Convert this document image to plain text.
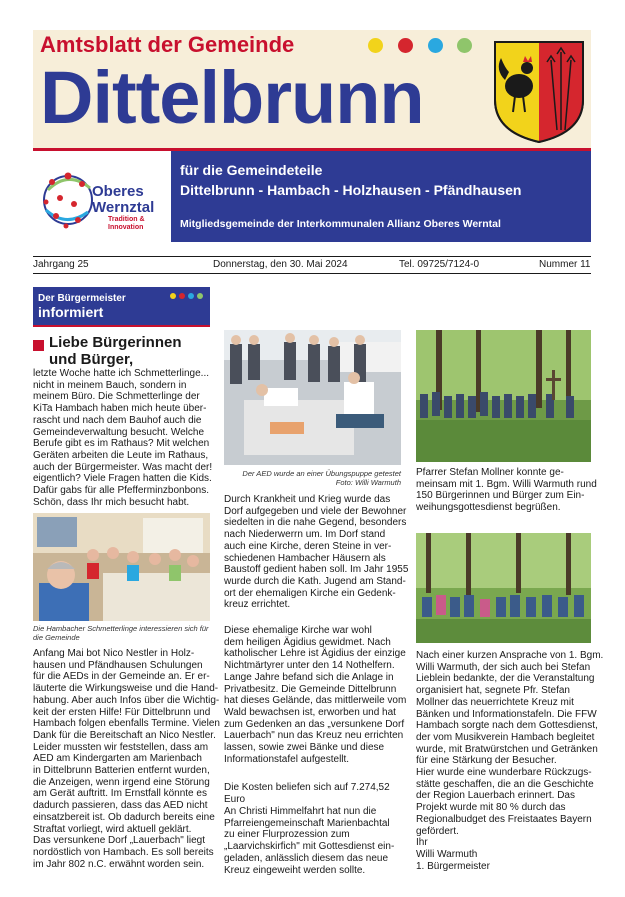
Amtsblatt der Gemeinde
Dittelbrunn
Oberes
Wernztal
Tradition &
Innovation
für die Gemeindeteile
Dittelbrunn - Hambach - Holzhausen - Pfändhausen
Mitgliedsgemeinde der Interkommunalen Allianz Oberes Werntal
Jahrgang 25	Donnerstag, den 30. Mai 2024	Tel. 09725/7124-0	Nummer 11
Der Bürgermeister
informiert
Liebe Bürgerinnen
und Bürger,
letzte Woche hatte ich Schmetterlinge...
nicht in meinem Bauch, sondern in
meinem Büro. Die Schmetterlinge der
KiTa Hambach haben mich heute über-
rascht und nach dem Bauhof auch die
Gemeindeverwaltung besucht. Welche
Berufe gibt es im Rathaus? Mit welchen
Geräten arbeiten die Leute im Rathaus,
auch der Bürgermeister. Was macht der!
eigentlich? Viele Fragen hatten die Kids.
Dafür gabs für alle Pfefferminzbonbons.
Schön, dass Ihr mich besucht habt.
Die Hambacher Schmetterlinge interessieren sich für
die Gemeinde
Anfang Mai bot Nico Nestler in Holz-
hausen und Pfändhausen Schulungen
für die AEDs in der Gemeinde an. Er er-
läuterte die Wirkungsweise und die Hand-
habung. Aber auch Infos über die Wichtig-
keit der ersten Hilfe! Für Dittelbrunn und
Hambach folgen ebenfalls Termine. Vielen
Dank für die Bereitschaft an Nico Nestler.
Leider mussten wir feststellen, dass am
AED am Kindergarten am Marienbach
in Dittelbrunn Batterien entfernt wurden,
die Anzeigen, wenn irgend eine Störung
am Gerät auftritt. Im Ernstfall könnte es
dadurch passieren, dass das AED nicht
einsatzbereit ist. Ob dadurch bereits eine
Straftat vorliegt, wird aktuell geklärt.
Das versunkene Dorf „Lauerbach" liegt
nordöstlich von Hambach. Es soll bereits
im Jahr 802 n.C. erwähnt worden sein.
Der AED wurde an einer Übungspuppe getestet
Foto: Willi Warmuth
Durch Krankheit und Krieg wurde das
Dorf aufgegeben und viele der Bewohner
siedelten in die nahe Gegend, besonders
nach Niederwerrn um. Im Dorf stand
auch eine Kirche, deren Steine in ver-
schiedenen Hambacher Häusern als
Baustoff gedient haben soll. Im Jahr 1955
wurde durch die Kath. Jugend am Stand-
ort der ehemaligen Kirche ein Gedenk-
kreuz errichtet.
Diese ehemalige Kirche war wohl
dem heiligen Ägidius gewidmet. Nach
katholischer Lehre ist Ägidius der einzige
Nichtmärtyrer unter den 14 Nothelfern.
Lange Jahre befand sich die Anlage in
Privatbesitz. Die Gemeinde Dittelbrunn
hat dieses Gelände, das mittlerweile vom
Wald bewachsen ist, erworben und hat
zum Gedenken an das „versunkene Dorf
Lauerbach" nun das Kreuz neu errichten
lassen, sowie zwei Bänke und diese
Informationstafel aufgestellt.
Die Kosten beliefen sich auf 7.274,52
Euro
An Christi Himmelfahrt hat nun die
Pfarreiengemeinschaft Marienbachtal
zu einer Flurprozession zum
„Laarvichskirfich" mit Gottesdienst ein-
geladen, anlässlich diesem das neue
Kreuz eingeweiht werden sollte.
Pfarrer Stefan Mollner konnte ge-
meinsam mit 1. Bgm. Willi Warmuth rund
150 Bürgerinnen und Bürger zum Ein-
weihungsgottesdienst begrüßen.
Nach einer kurzen Ansprache von 1. Bgm.
Willi Warmuth, der sich auch bei Stefan
Lieblein bedankte, der die Veranstaltung
organisiert hat, segnete Pfr. Stefan
Mollner das neuerrichtete Kreuz mit
Bänken und Informationstafeln. Die FFW
Hambach sorgte nach dem Gottesdienst,
der vom Musikverein Hambach begleitet
wurde, mit Bratwürstchen und Getränken
für eine Stärkung der Besucher.
Hier wurde eine wunderbare Rückzugs-
stätte geschaffen, die an die Geschichte
der Region Lauerbach erinnert. Das
Projekt wurde mit 80 % durch das
Regionalbudget des Freistaates Bayern
gefördert.
Ihr
Willi Warmuth
1. Bürgermeister
